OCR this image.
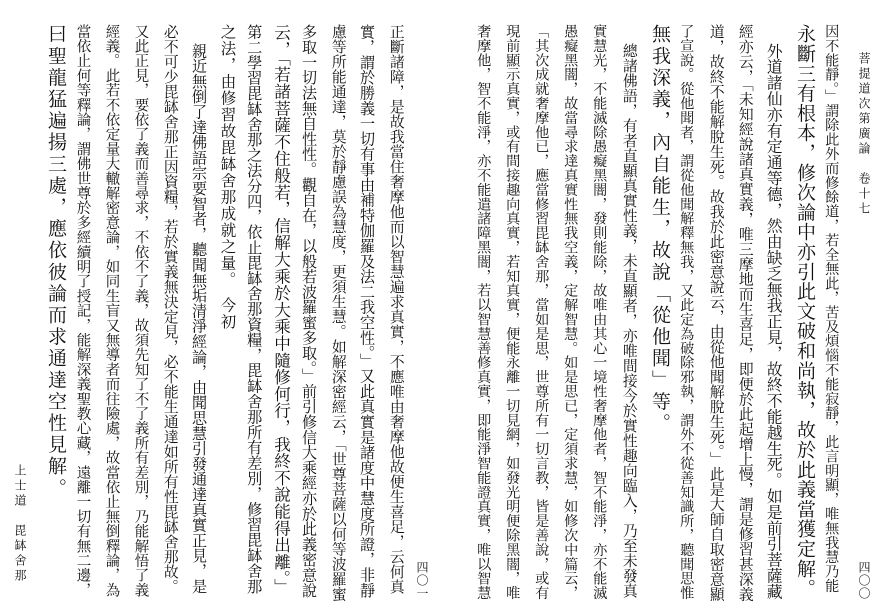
菩提道次第廣論　卷十七
因不能靜。」謂除此外而修餘道，若全無此，苦及煩惱不能寂靜，此言明顯，唯無我慧乃能
永斷三有根本，修次論中亦引此文破和尚執，故於此義當獲定解。
外道諸仙亦有定通等德，然由缺乏無我正見，故終不能越生死。如是前引菩薩藏
經亦云，「未知經說諸真實義，唯三摩地而生喜足，即便於此起增上慢，謂是修習甚深義
道，故終不能解脫生死。故我於此密意說云，由從他聞解脫生死。」此是大師自取密意顯
了宣說。從他聞者，謂從他聞解釋無我，又此定為破除邪執，謂外不從善知識所，聽聞思惟
無我深義，內自能生，故說「從他聞」等。
總諸佛語，有者直顯真實性義，未直顯者，亦唯間接今於實性趣向臨入，乃至未發真
實慧光，不能滅除愚癡黑闇，發則能除，故唯由其心一境性奢摩他者，智不能淨，亦不能滅
愚癡黑闇，故當尋求達真實性無我空義，定解智慧。如是思已，定須求慧，如修次中篇云，
「其次成就奢摩他已，應當修習毘缽舍那，當如是思，世尊所有一切言教，皆是善說，或有
現前顯示真實，或有間接趣向真實，若知真實，便能永離一切見網，如發光明便除黑闇，唯
奢摩他，智不能淨，亦不能遣諸障黑闇，若以智慧善修真實，即能淨智能證真實，唯以智慧	四〇〇
正斷諸障，是故我當住奢摩他而以智慧遍求真實，不應唯由奢摩他故便生喜足，云何真
實，謂於勝義一切有事由補特伽羅及法二我空性。」又此真實是諸度中慧度所證，非靜
慮等所能通達，莫於靜慮誤為慧度，更須生慧。如解深密經云，「世尊菩薩以何等波羅蜜
多取一切法無自性性。觀自在，以般若波羅蜜多取。」前引修信大乘經亦於此義密意說
云，「若諸菩薩不住般若，信解大乘於大乘中隨修何行，我終不說能得出離。」
第二學習毘缽舍那之法分四，依止毘缽舍那資糧，毘缽舍那所有差別，修習毘缽舍那
之法，由修習故毘缽舍那成就之量。　今初
親近無倒了達佛語宗要智者，聽聞無垢清淨經論，由聞思慧引發通達真實正見，是
必不可少毘缽舍那正因資糧，若於實義無決定見，必不能生通達如所有性毘缽舍那故。
又此正見，要依了義而善尋求，不依不了義，故須先知了不了義所有差別，乃能解悟了義
經義。此若不依定量大轍解密意論，如同生盲又無導者而往險處，故當依止無倒釋論，為
當依止何等釋論，謂佛世尊於多經續明了授記，能解深義聖教心藏，遠離一切有無二邊，
曰聖龍猛遍揚三處，應依彼論而求通達空性見解。
上士道　毘缽舍那	四〇一
